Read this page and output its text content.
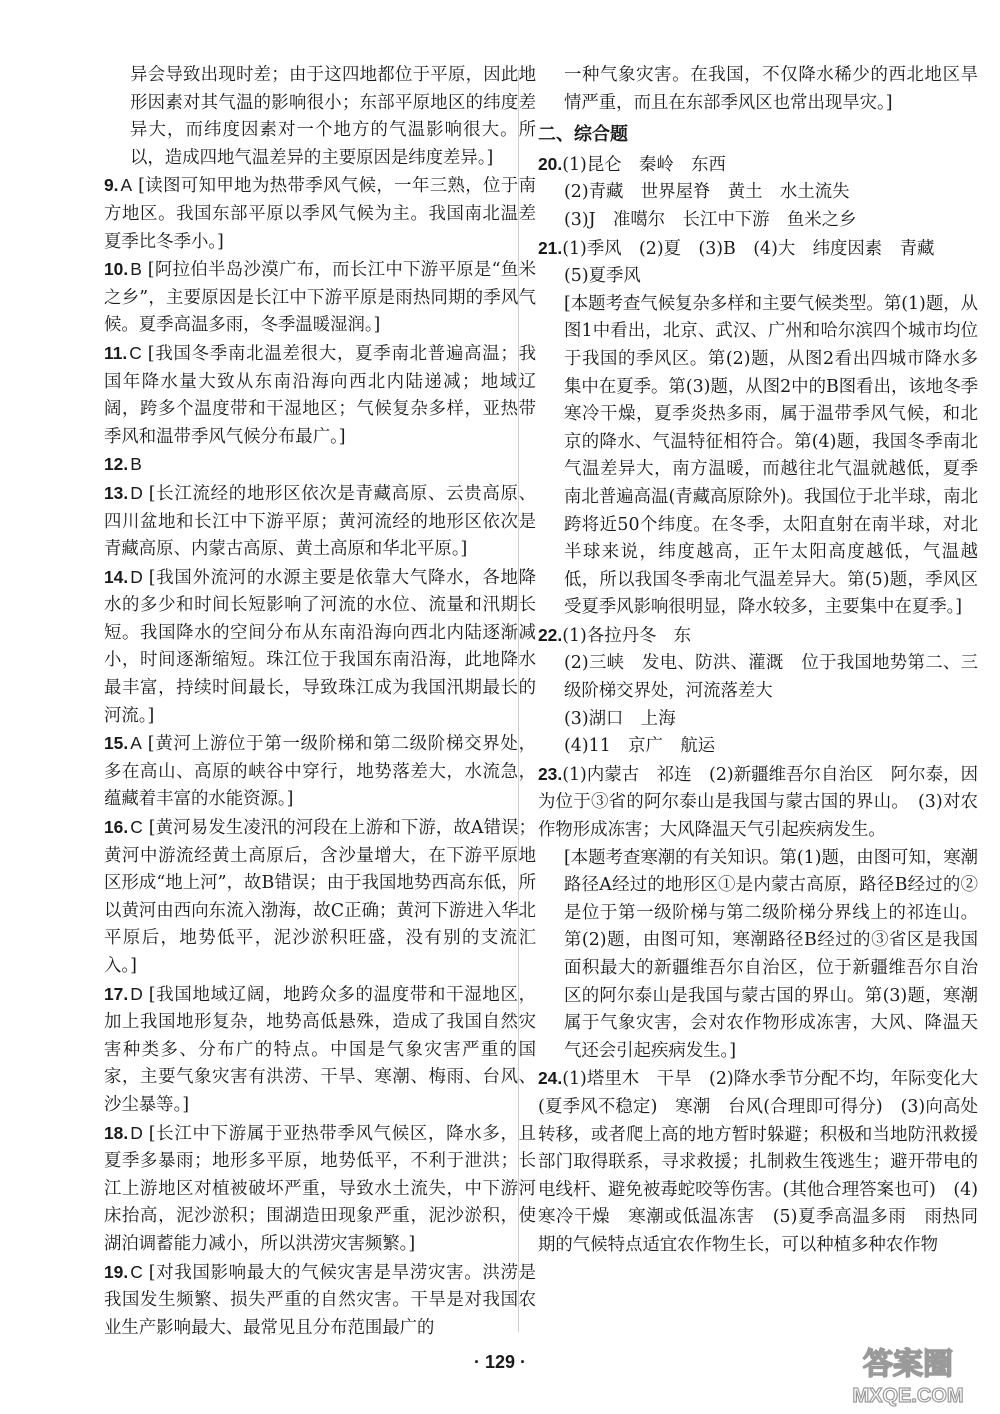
异会导致出现时差；由于这四地都位于平原，因此地形因素对其气温的影响很小；东部平原地区的纬度差异大，而纬度因素对一个地方的气温影响很大。所以，造成四地气温差异的主要原因是纬度差异。]

9. A [读图可知甲地为热带季风气候，一年三熟，位于南方地区。我国东部平原以季风气候为主。我国南北温差夏季比冬季小。]

10. B [阿拉伯半岛沙漠广布，而长江中下游平原是“鱼米之乡”，主要原因是长江中下游平原是雨热同期的季风气候。夏季高温多雨，冬季温暖湿润。]

11. C [我国冬季南北温差很大，夏季南北普遍高温；我国年降水量大致从东南沿海向西北内陆递减；地域辽阔，跨多个温度带和干湿地区；气候复杂多样，亚热带季风和温带季风气候分布最广。]

12. B

13. D [长江流经的地形区依次是青藏高原、云贵高原、四川盆地和长江中下游平原；黄河流经的地形区依次是青藏高原、内蒙古高原、黄土高原和华北平原。]

14. D [我国外流河的水源主要是依靠大气降水，各地降水的多少和时间长短影响了河流的水位、流量和汛期长短。我国降水的空间分布从东南沿海向西北内陆逐渐减小，时间逐渐缩短。珠江位于我国东南沿海，此地降水最丰富，持续时间最长，导致珠江成为我国汛期最长的河流。]

15. A [黄河上游位于第一级阶梯和第二级阶梯交界处，多在高山、高原的峡谷中穿行，地势落差大，水流急，蕴藏着丰富的水能资源。]

16. C [黄河易发生凌汛的河段在上游和下游，故A错误；黄河中游流经黄土高原后，含沙量增大，在下游平原地区形成“地上河”，故B错误；由于我国地势西高东低，所以黄河由西向东流入渤海，故C正确；黄河下游进入华北平原后，地势低平，泥沙淤积旺盛，没有别的支流汇入。]

17. D [我国地域辽阔，地跨众多的温度带和干湿地区，加上我国地形复杂，地势高低悬殊，造成了我国自然灾害种类多、分布广的特点。中国是气象灾害严重的国家，主要气象灾害有洪涝、干旱、寒潮、梅雨、台风、沙尘暴等。]

18. D [长江中下游属于亚热带季风气候区，降水多，且夏季多暴雨；地形多平原，地势低平，不利于泄洪；长江上游地区对植被破坏严重，导致水土流失，中下游河床抬高，泥沙淤积；围湖造田现象严重，泥沙淤积，使湖泊调蓄能力减小，所以洪涝灾害频繁。]

19. C [对我国影响最大的气候灾害是旱涝灾害。洪涝是我国发生频繁、损失严重的自然灾害。干旱是对我国农业生产影响最大、最常见且分布范围最广的

一种气象灾害。在我国，不仅降水稀少的西北地区旱情严重，而且在东部季风区也常出现旱灾。]

二、综合题

20.(1)昆仑　秦岭　东西
(2)青藏　世界屋脊　黄土　水土流失
(3)J　准噶尔　长江中下游　鱼米之乡

21.(1)季风　(2)夏　(3)B　(4)大　纬度因素　青藏
(5)夏季风
[本题考查气候复杂多样和主要气候类型。第(1)题，从图1中看出，北京、武汉、广州和哈尔滨四个城市均位于我国的季风区。第(2)题，从图2看出四城市降水多集中在夏季。第(3)题，从图2中的B图看出，该地冬季寒冷干燥，夏季炎热多雨，属于温带季风气候，和北京的降水、气温特征相符合。第(4)题，我国冬季南北气温差异大，南方温暖，而越往北气温就越低，夏季南北普遍高温(青藏高原除外)。我国位于北半球，南北跨将近50个纬度。在冬季，太阳直射在南半球，对北半球来说，纬度越高，正午太阳高度越低，气温越低，所以我国冬季南北气温差异大。第(5)题，季风区受夏季风影响很明显，降水较多，主要集中在夏季。]

22.(1)各拉丹冬　东
(2)三峡　发电、防洪、灌溉　位于我国地势第二、三级阶梯交界处，河流落差大
(3)湖口　上海
(4)11　京广　航运

23.(1)内蒙古　祁连　(2)新疆维吾尔自治区　阿尔泰，因为位于③省的阿尔泰山是我国与蒙古国的界山。　(3)对农作物形成冻害；大风降温天气引起疾病发生。
[本题考查寒潮的有关知识。第(1)题，由图可知，寒潮路径A经过的地形区①是内蒙古高原，路径B经过的②是位于第一级阶梯与第二级阶梯分界线上的祁连山。第(2)题，由图可知，寒潮路径B经过的③省区是我国面积最大的新疆维吾尔自治区，位于新疆维吾尔自治区的阿尔泰山是我国与蒙古国的界山。第(3)题，寒潮属于气象灾害，会对农作物形成冻害，大风、降温天气还会引起疾病发生。]

24.(1)塔里木　干旱　(2)降水季节分配不均，年际变化大(夏季风不稳定)　寒潮　台风(合理即可得分)　(3)向高处转移，或者爬上高的地方暂时躲避；积极和当地防汛救援部门取得联系，寻求救援；扎制救生筏逃生；避开带电的电线杆、避免被毒蛇咬等伤害。(其他合理答案也可)　(4)寒冷干燥　寒潮或低温冻害　(5)夏季高温多雨　雨热同期的气候特点适宜农作物生长，可以种植多种农作物

· 129 ·	答案圈
MXQE.COM
